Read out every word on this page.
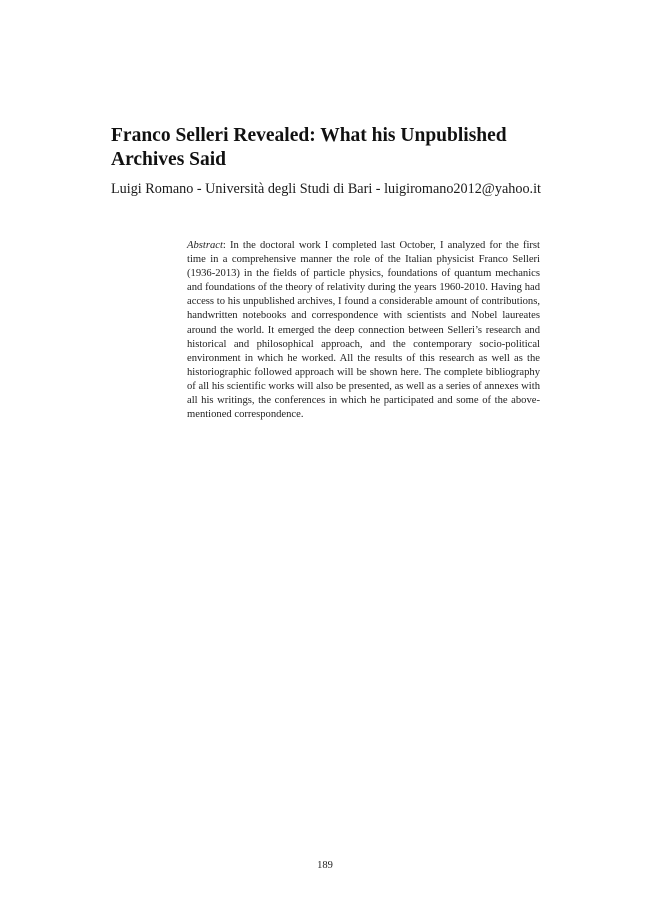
Franco Selleri Revealed: What his Unpublished Archives Said

Luigi Romano - Università degli Studi di Bari - luigiromano2012@yahoo.it

Abstract: In the doctoral work I completed last October, I analyzed for the first time in a comprehensive manner the role of the Italian physicist Franco Selleri (1936-2013) in the fields of particle physics, foundations of quantum mechanics and foundations of the theory of relativity during the years 1960-2010. Having had access to his unpublished archives, I found a considerable amount of contributions, handwritten notebooks and correspondence with scientists and Nobel laureates around the world. It emerged the deep connection between Selleri’s research and historical and philosophical approach, and the contemporary socio-political environment in which he worked. All the results of this research as well as the historiographic followed approach will be shown here. The complete bibliography of all his scientific works will also be presented, as well as a series of annexes with all his writings, the conferences in which he participated and some of the above-mentioned correspondence.

189
